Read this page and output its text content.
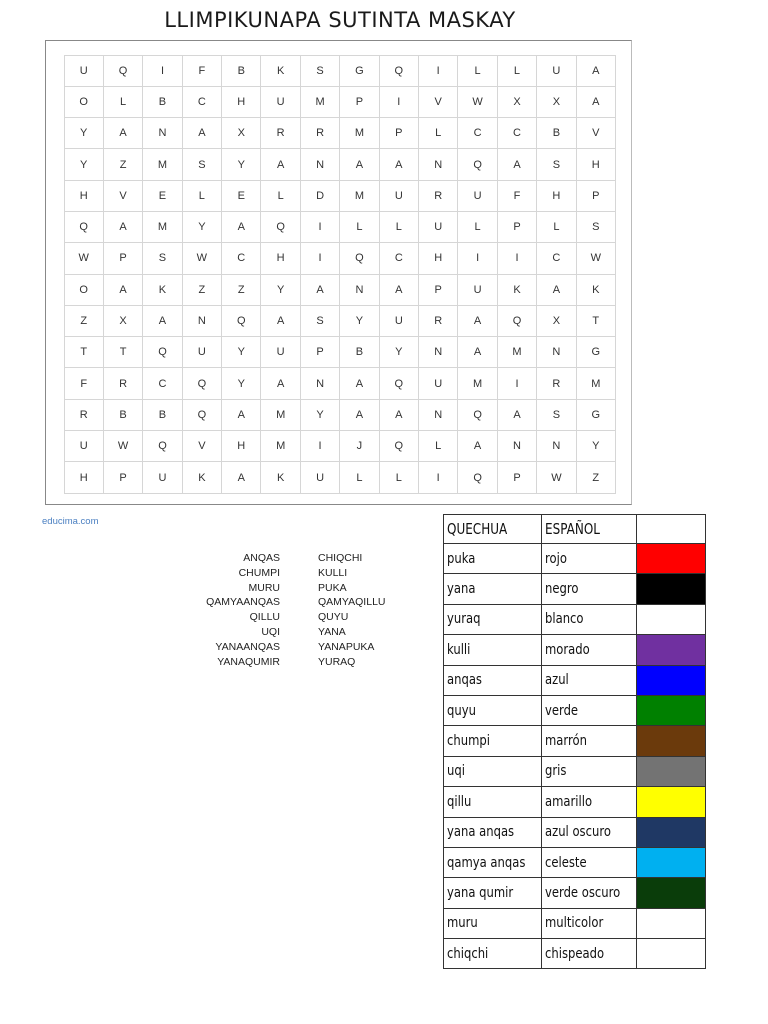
LLIMPIKUNAPA SUTINTA MASKAY
U	Q	I	F	B	K	S	G	Q	I	L	L	U	A
O	L	B	C	H	U	M	P	I	V	W	X	X	A
Y	A	N	A	X	R	R	M	P	L	C	C	B	V
Y	Z	M	S	Y	A	N	A	A	N	Q	A	S	H
H	V	E	L	E	L	D	M	U	R	U	F	H	P
Q	A	M	Y	A	Q	I	L	L	U	L	P	L	S
W	P	S	W	C	H	I	Q	C	H	I	I	C	W
O	A	K	Z	Z	Y	A	N	A	P	U	K	A	K
Z	X	A	N	Q	A	S	Y	U	R	A	Q	X	T
T	T	Q	U	Y	U	P	B	Y	N	A	M	N	G
F	R	C	Q	Y	A	N	A	Q	U	M	I	R	M
R	B	B	Q	A	M	Y	A	A	N	Q	A	S	G
U	W	Q	V	H	M	I	J	Q	L	A	N	N	Y
H	P	U	K	A	K	U	L	L	I	Q	P	W	Z
educima.com
ANQAS
CHUMPI
MURU
QAMYAANQAS
QILLU
UQI
YANAANQAS
YANAQUMIR
CHIQCHI
KULLI
PUKA
QAMYAQILLU
QUYU
YANA
YANAPUKA
YURAQ
QUECHUA	ESPAÑOL	
puka	rojo	
yana	negro	
yuraq	blanco	
kulli	morado	
anqas	azul	
quyu	verde	
chumpi	marrón	
uqi	gris	
qillu	amarillo	
yana anqas	azul oscuro	
qamya anqas	celeste	
yana qumir	verde oscuro	
muru	multicolor	
chiqchi	chispeado	
